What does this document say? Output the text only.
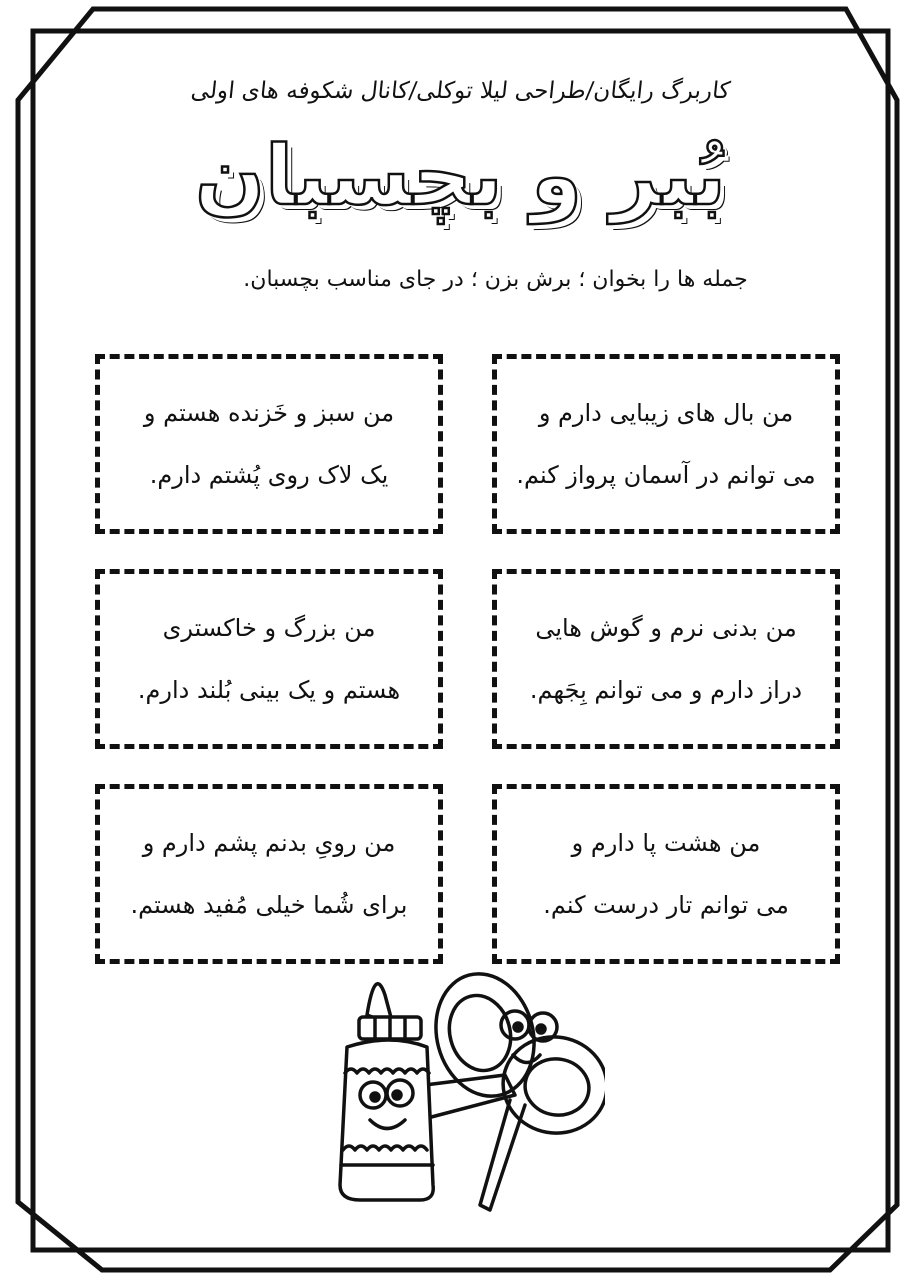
کاربرگ رایگان/طراحی لیلا توکلی/کانال شکوفه های اولی
بُبر و بچسبان
جمله ها را بخوان ؛ برش بزن ؛ در جای مناسب بچسبان.
من بال های زیبایی دارم و
می توانم در آسمان پرواز کنم.
من سبز و خَزنده هستم و
یک لاک روی پُشتم دارم.
من بدنی نرم و گوش هایی
دراز دارم و می توانم بِجَهم.
من بزرگ و خاکستری
هستم و یک بینی بُلند دارم.
من هشت پا دارم و
می توانم تار درست کنم.
من رویِ بدنم پشم دارم و
برای شُما خیلی مُفید هستم.
